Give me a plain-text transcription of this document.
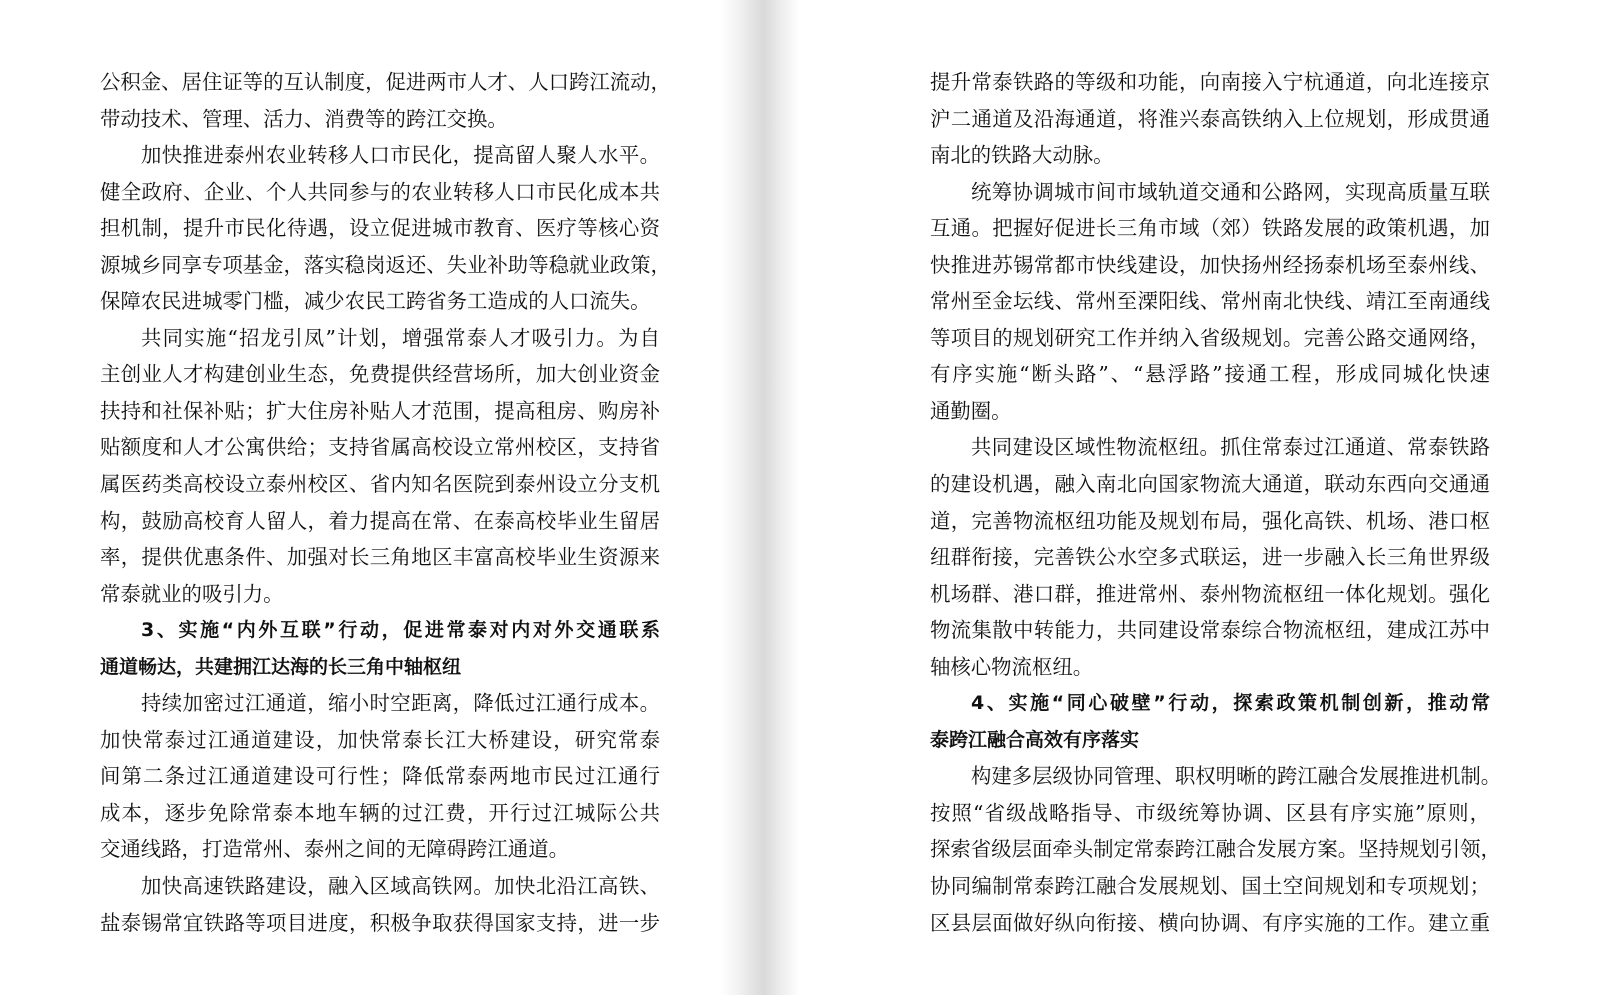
公积金、居住证等的互认制度，促进两市人才、人口跨江流动，
带动技术、管理、活力、消费等的跨江交换。
加快推进泰州农业转移人口市民化，提高留人聚人水平。
健全政府、企业、个人共同参与的农业转移人口市民化成本共
担机制，提升市民化待遇，设立促进城市教育、医疗等核心资
源城乡同享专项基金，落实稳岗返还、失业补助等稳就业政策，
保障农民进城零门槛，减少农民工跨省务工造成的人口流失。
共同实施“招龙引凤”计划，增强常泰人才吸引力。为自
主创业人才构建创业生态，免费提供经营场所，加大创业资金
扶持和社保补贴；扩大住房补贴人才范围，提高租房、购房补
贴额度和人才公寓供给；支持省属高校设立常州校区，支持省
属医药类高校设立泰州校区、省内知名医院到泰州设立分支机
构，鼓励高校育人留人，着力提高在常、在泰高校毕业生留居
率，提供优惠条件、加强对长三角地区丰富高校毕业生资源来
常泰就业的吸引力。
3、实施“内外互联”行动，促进常泰对内对外交通联系
通道畅达，共建拥江达海的长三角中轴枢纽
持续加密过江通道，缩小时空距离，降低过江通行成本。
加快常泰过江通道建设，加快常泰长江大桥建设，研究常泰
间第二条过江通道建设可行性；降低常泰两地市民过江通行
成本，逐步免除常泰本地车辆的过江费，开行过江城际公共
交通线路，打造常州、泰州之间的无障碍跨江通道。
加快高速铁路建设，融入区域高铁网。加快北沿江高铁、
盐泰锡常宜铁路等项目进度，积极争取获得国家支持，进一步
提升常泰铁路的等级和功能，向南接入宁杭通道，向北连接京
沪二通道及沿海通道，将淮兴泰高铁纳入上位规划，形成贯通
南北的铁路大动脉。
统筹协调城市间市域轨道交通和公路网，实现高质量互联
互通。把握好促进长三角市域（郊）铁路发展的政策机遇，加
快推进苏锡常都市快线建设，加快扬州经扬泰机场至泰州线、
常州至金坛线、常州至溧阳线、常州南北快线、靖江至南通线
等项目的规划研究工作并纳入省级规划。完善公路交通网络，
有序实施“断头路”、“悬浮路”接通工程，形成同城化快速
通勤圈。
共同建设区域性物流枢纽。抓住常泰过江通道、常泰铁路
的建设机遇，融入南北向国家物流大通道，联动东西向交通通
道，完善物流枢纽功能及规划布局，强化高铁、机场、港口枢
纽群衔接，完善铁公水空多式联运，进一步融入长三角世界级
机场群、港口群，推进常州、泰州物流枢纽一体化规划。强化
物流集散中转能力，共同建设常泰综合物流枢纽，建成江苏中
轴核心物流枢纽。
4、实施“同心破壁”行动，探索政策机制创新，推动常
泰跨江融合高效有序落实
构建多层级协同管理、职权明晰的跨江融合发展推进机制。
按照“省级战略指导、市级统筹协调、区县有序实施”原则，
探索省级层面牵头制定常泰跨江融合发展方案。坚持规划引领，
协同编制常泰跨江融合发展规划、国土空间规划和专项规划；
区县层面做好纵向衔接、横向协调、有序实施的工作。建立重
